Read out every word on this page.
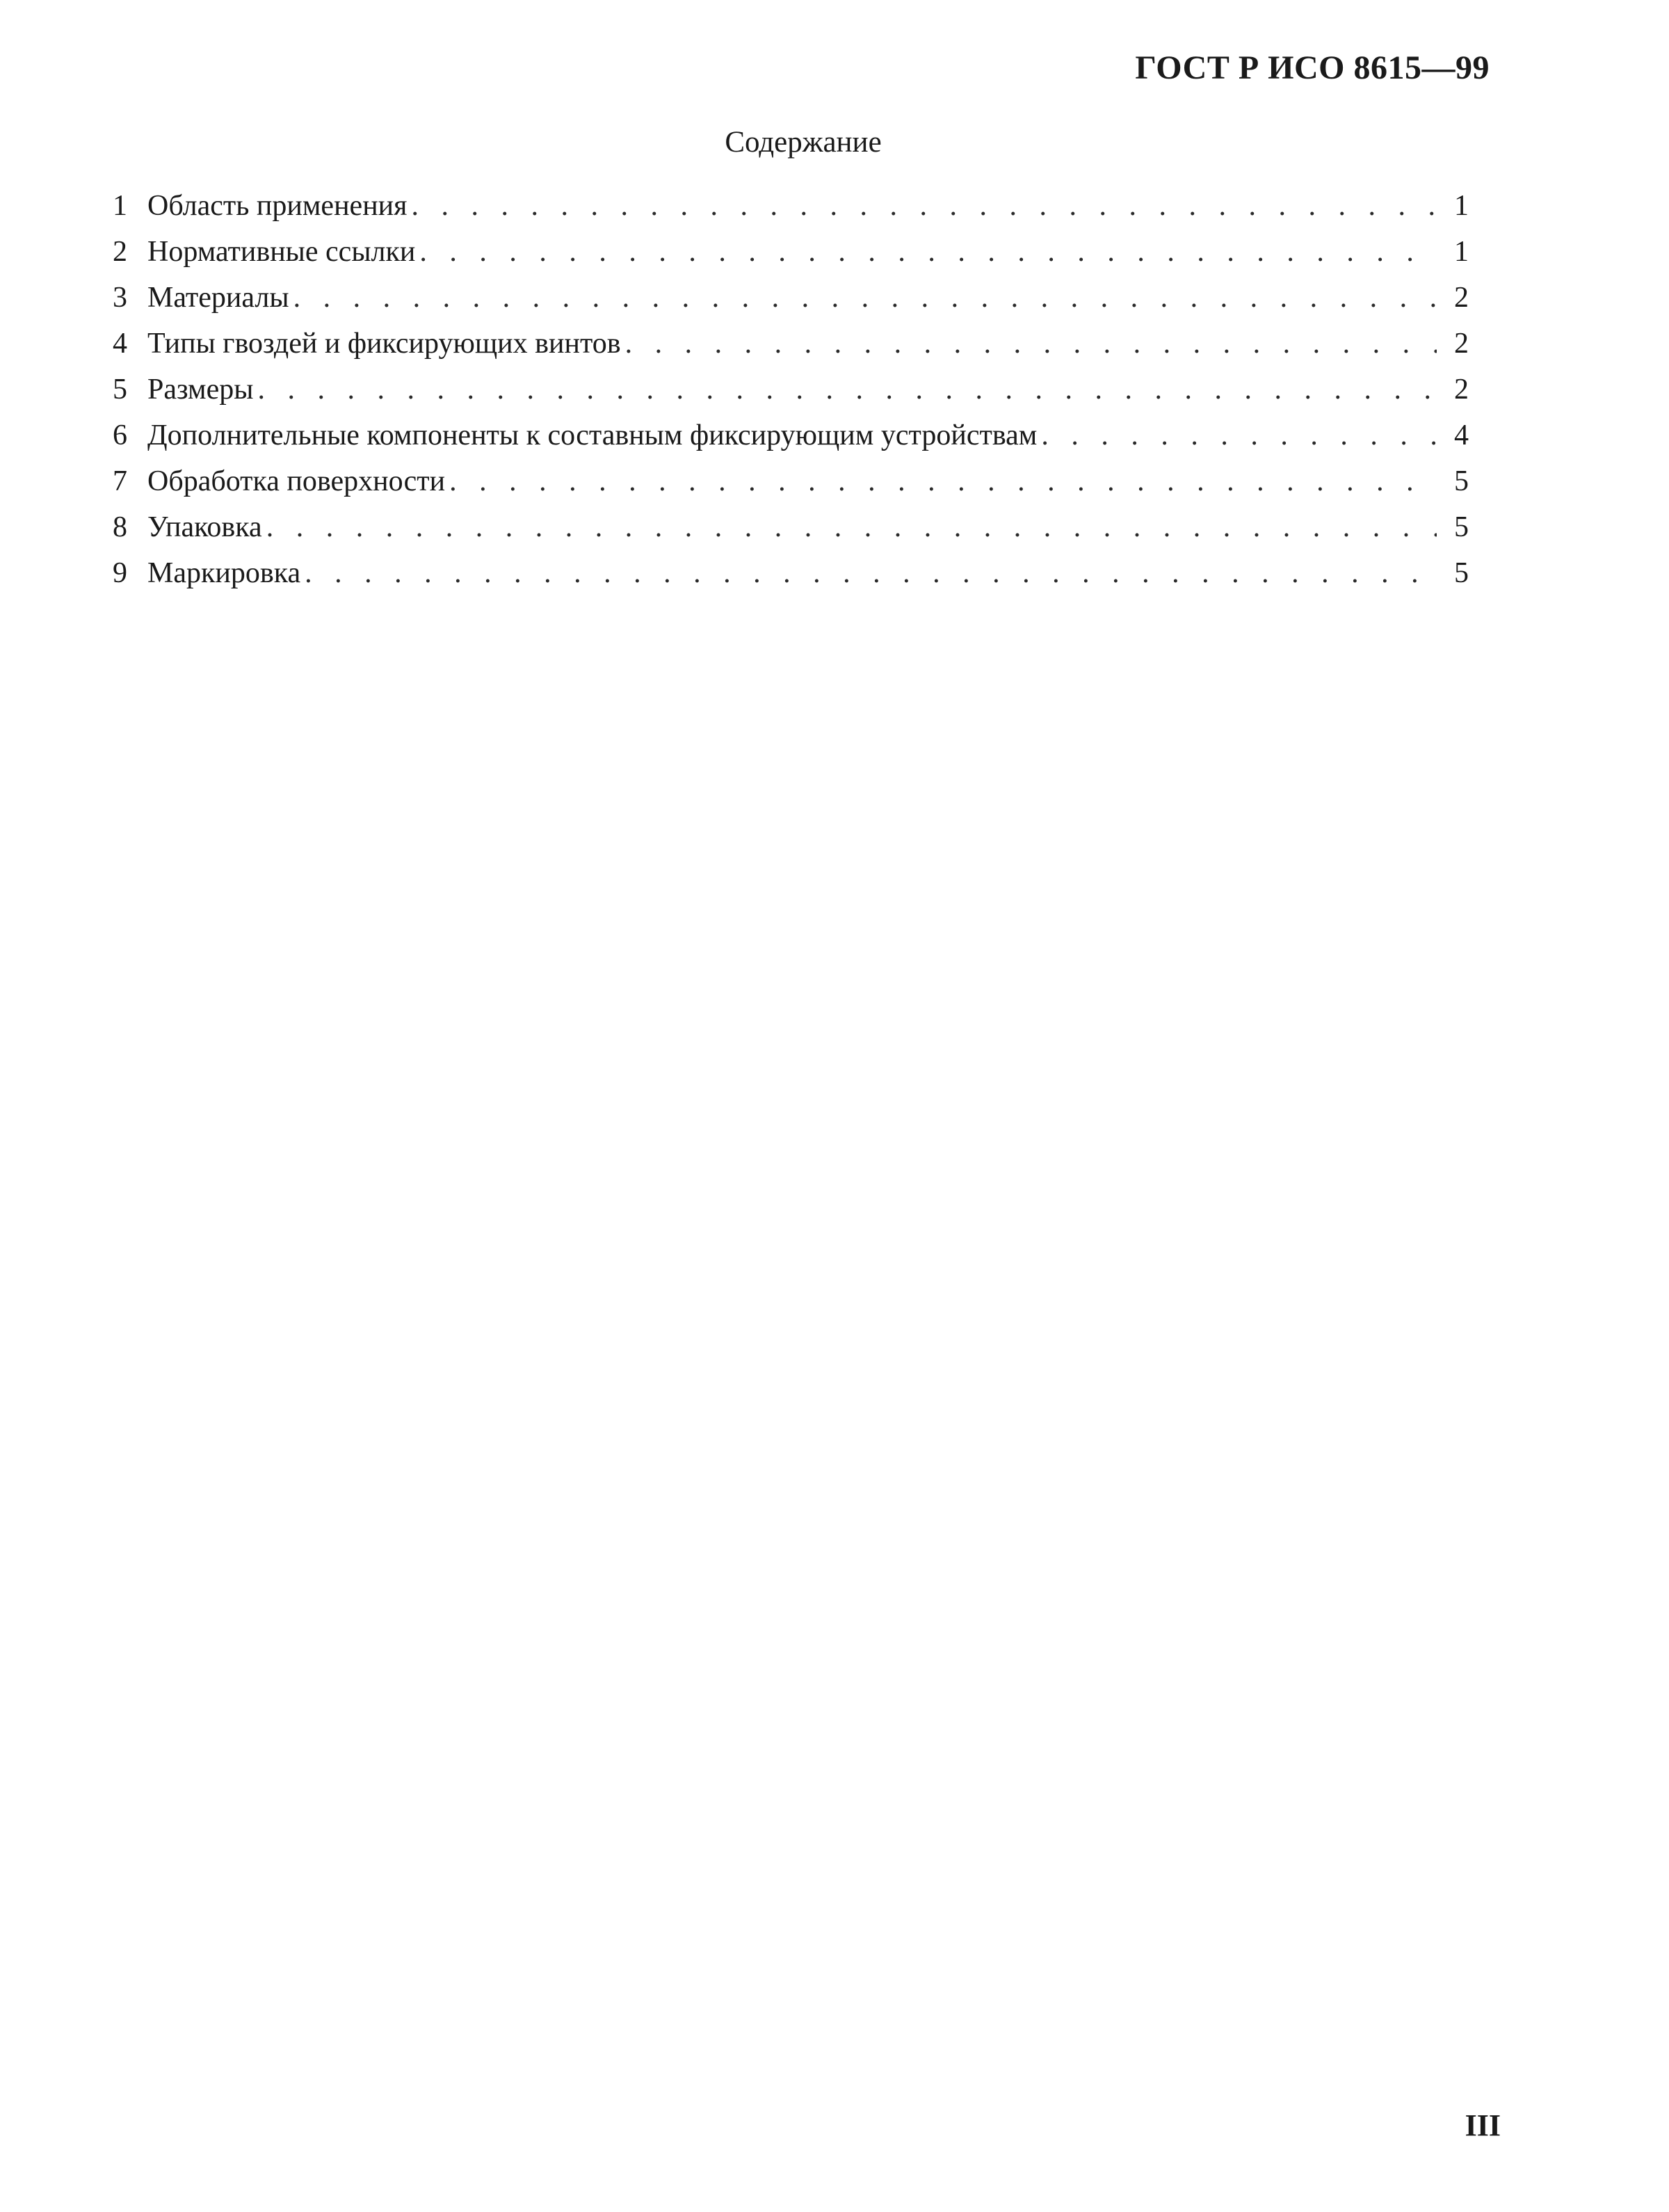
ГОСТ Р ИСО 8615—99
Содержание
1 Область применения . . .	1
2 Нормативные ссылки . . .	1
3 Материалы . . .	2
4 Типы гвоздей и фиксирующих винтов . . .	2
5 Размеры . . .	2
6 Дополнительные компоненты к составным фиксирующим устройствам . . .	4
7 Обработка поверхности . . .	5
8 Упаковка . . .	5
9 Маркировка . . .	5
III
